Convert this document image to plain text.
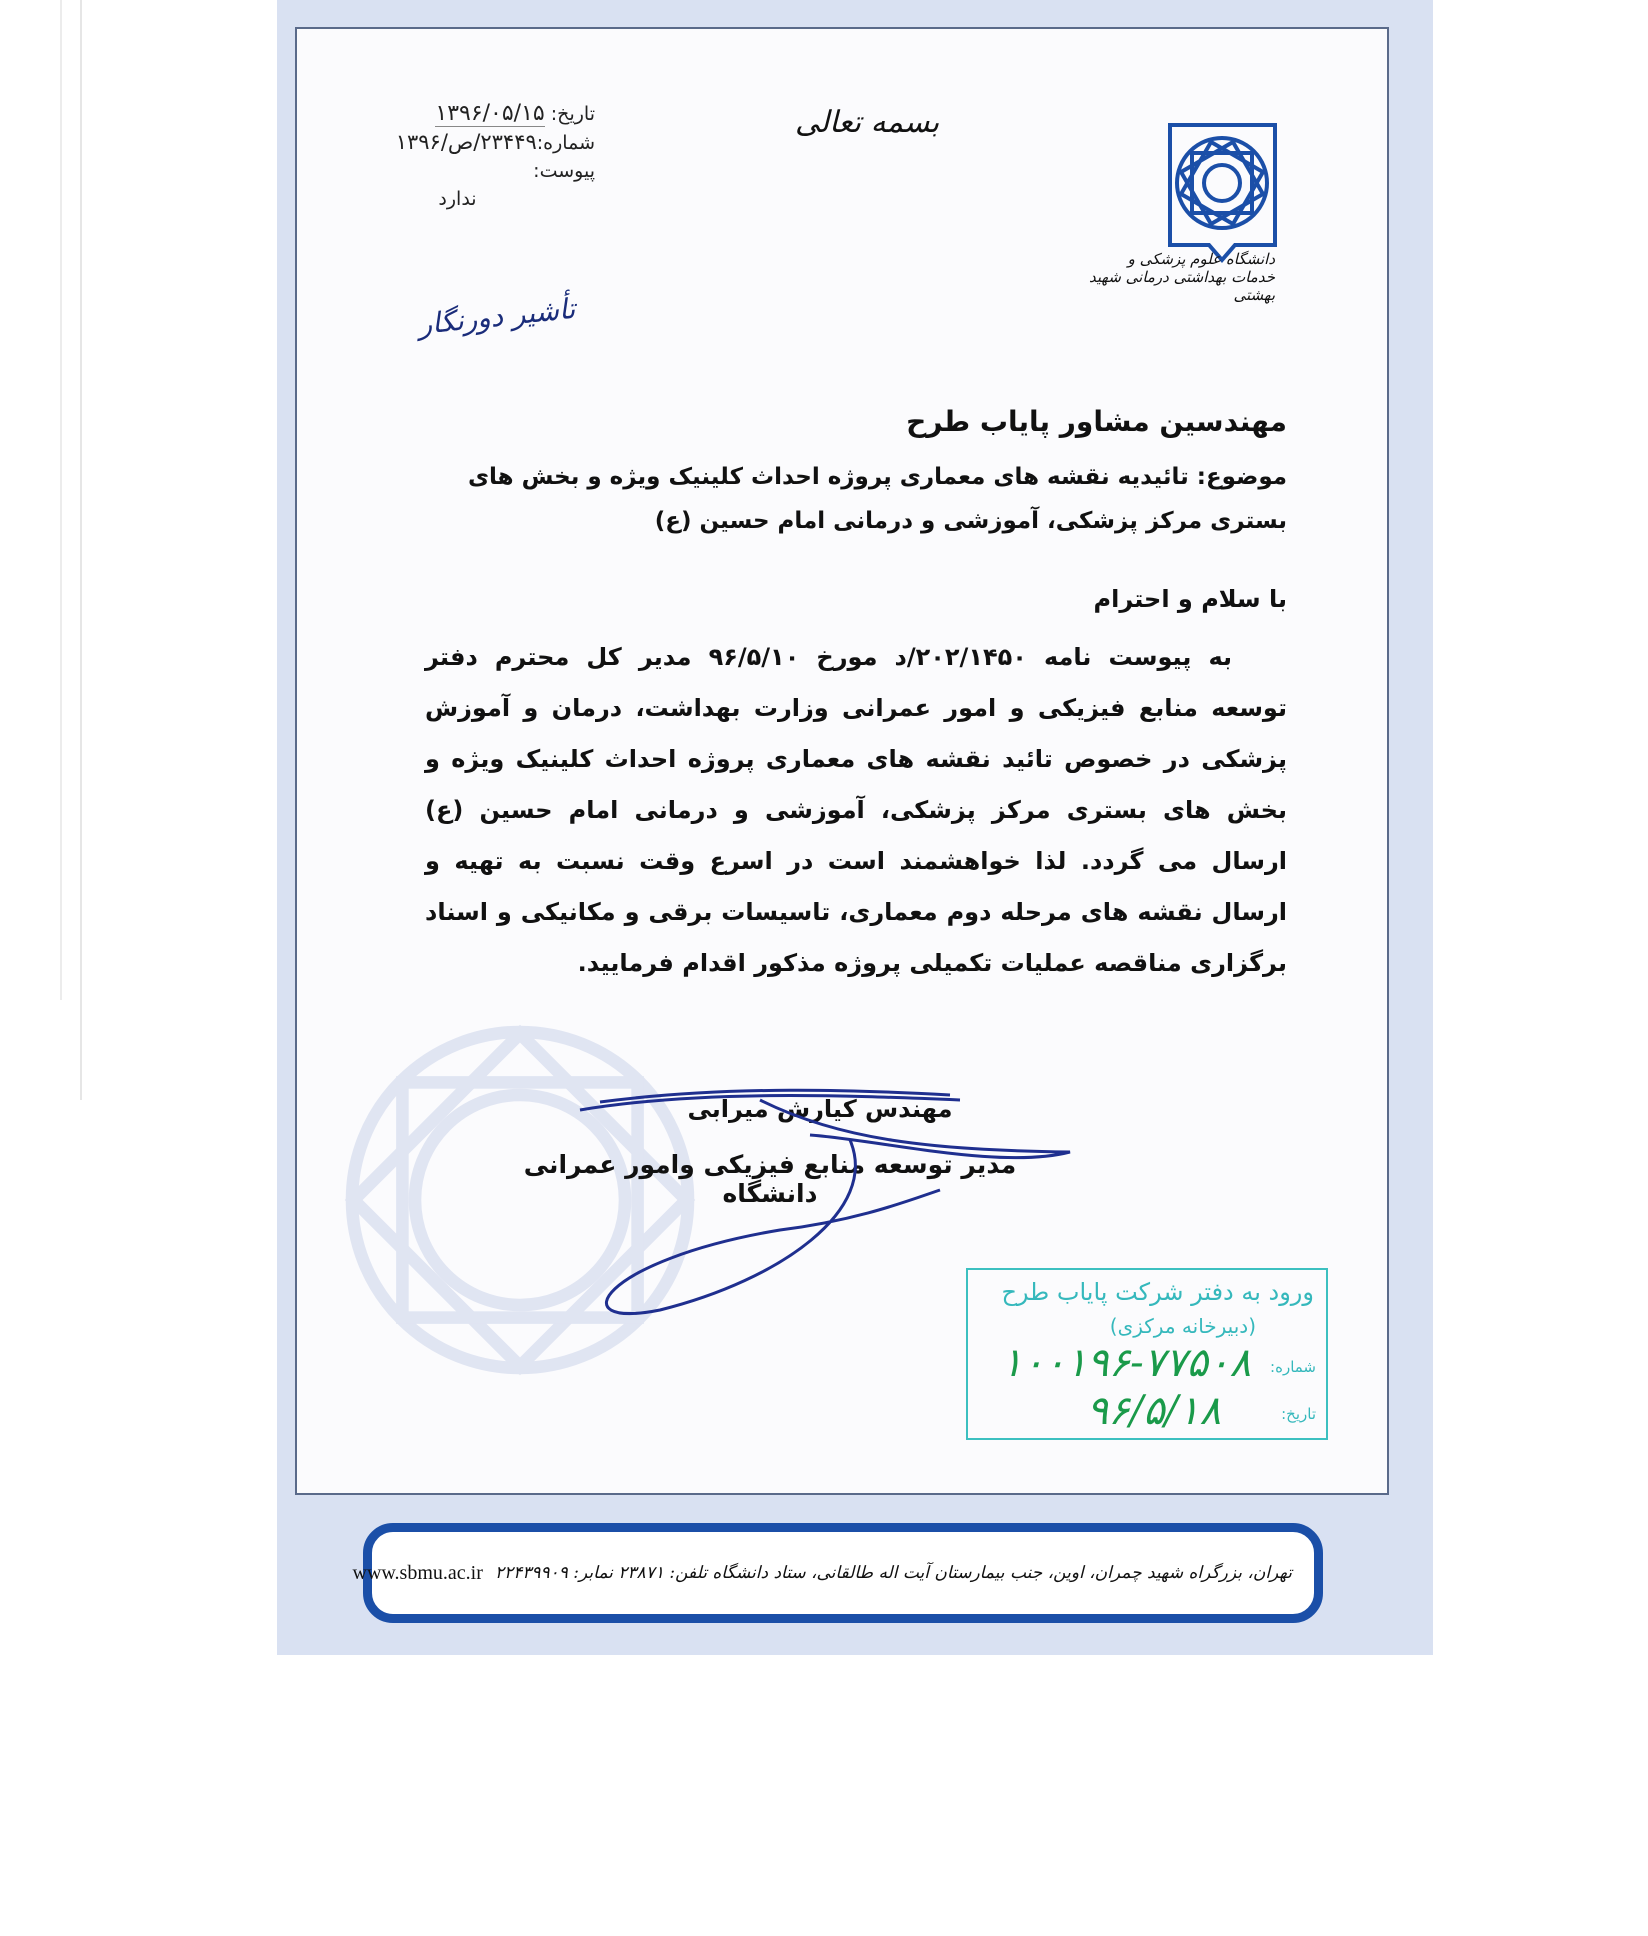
تاریخ: ۱۳۹۶/۰۵/۱۵
شماره:۲۳۴۴۹/ص/۱۳۹۶
پیوست:
ندارد
بسمه تعالی
دانشگاه علوم پزشکی و خدمات بهداشتی درمانی شهید بهشتی
تأشیر دورنگار
مهندسین مشاور پایاب طرح
موضوع: تائیدیه نقشه های معماری پروژه احداث کلینیک ویژه و بخش های بستری مرکز پزشکی، آموزشی و درمانی امام حسین (ع)
با سلام و احترام
به پیوست نامه ۲۰۲/۱۴۵۰/د مورخ ۹۶/۵/۱۰ مدیر کل محترم دفتر توسعه منابع فیزیکی و امور عمرانی وزارت بهداشت، درمان و آموزش پزشکی در خصوص تائید نقشه های معماری پروژه احداث کلینیک ویژه و بخش های بستری مرکز پزشکی، آموزشی و درمانی امام حسین (ع) ارسال می گردد. لذا خواهشمند است در اسرع وقت نسبت به تهیه و ارسال نقشه های مرحله دوم معماری، تاسیسات برقی و مکانیکی و اسناد برگزاری مناقصه عملیات تکمیلی پروژه مذکور اقدام فرمایید.
مهندس کیارش میرابی
مدیر توسعه منابع فیزیکی وامور عمرانی دانشگاه
ورود به دفتر شرکت پایاب طرح
(دبیرخانه مرکزی)
شماره:
۱۰۰۱۹۶-۷۷۵۰۸
تاریخ:
۹۶/۵/۱۸
تهران، بزرگراه شهید چمران، اوین، جنب بیمارستان آیت اله طالقانی، ستاد دانشگاه تلفن: ۲۳۸۷۱ نمابر: ۲۲۴۳۹۹۰۹
www.sbmu.ac.ir
